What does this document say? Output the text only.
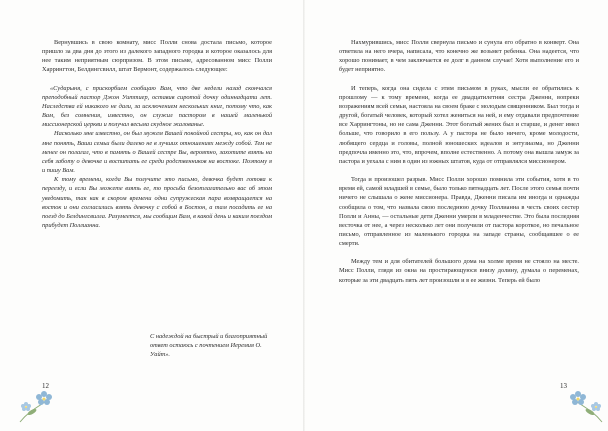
Вернувшись в свою комнату, мисс Полли снова достала письмо, которое пришло за два дня до этого из далекого западного городка и которое оказалось для нее таким неприятным сюрпризом. В этом письме, адресованном мисс Полли Харрингтон, Белдингсвилл, штат Вермонт, содержалось следующее:

«Сударыня, с прискорбием сообщаю Вам, что две недели назад скончался преподобный пастор Джон Уиттиер, оставив сиротой дочку одиннадцати лет. Наследства ей никакого не дали, за исключением нескольких книг, потому что, как Вам, без сомнения, известно, он служил пастором в нашей маленькой миссионерской церкви и получал весьма скудное жалованье.

Насколько мне известно, он был мужем Вашей покойной сестры, но, как он дал мне понять, Ваши семьи были далеко не в лучших отношениях между собой. Тем не менее он полагал, что в память о Вашей сестре Вы, вероятно, захотите взять на себя заботу о девочке и воспитать ее среди родственников на востоке. Поэтому я и пишу Вам.

К тому времени, когда Вы получите это письмо, девочка будет готова к переезду, и если Вы можете взять ее, то просьба безотлагательно вас об этом уведомить, так как в скором времени одни супружеская пара возвращается на восток и они согласились взять девочку с собой в Бостон, а там посадить ее на поезд до Белдингсвилла. Разумеется, мы сообщим Вам, в какой день и каким поездом прибудет Поллианна.

С надеждой на быстрый и благоприятный ответ остаюсь с почтением Иеремия О. Уайт».
12

Нахмурившись, мисс Полли свернула письмо и сунула его обратно в конверт. Она ответила на него вчера, написала, что конечно же возьмет ребенка. Она надеется, что хорошо понимает, в чем заключается ее долг в данном случае! Хотя выполнение его и будет неприятно.

И теперь, когда она сидела с этим письмом в руках, мысли ее обратились к прошлому — к тому времени, когда ее двадцатилетняя сестра Дженни, вопреки возражениям всей семьи, настояла на своем браке с молодым священником. Был тогда и другой, богатый человек, который хотел жениться на ней, и ему отдавали предпочтение все Харрингтоны, но не сама Дженни. Этот богатый жених был и старше, и денег имел больше, что говорило в его пользу. А у пастора не было ничего, кроме молодости, любящего сердца и головы, полной юношеских идеалов и энтузиазма, но Дженни предпочла именно это, что, впрочем, вполне естественно. А потому она вышла замуж за пастора и уехала с ним в один из южных штатов, куда от отправлялся миссионером.

Тогда и произошел разрыв. Мисс Полли хорошо помнила эти события, хотя в то время ей, самой младшей в семье, было только пятнадцать лет. После этого семья почти ничего не слышала о жене миссионера. Правда, Дженни писала им иногда и однажды сообщила о том, что назвала свою последнюю дочку Поллианна в честь своих сестер Полли и Анны, — остальные дети Дженни умерли в младенчестве. Это была последняя весточка от нее, а через несколько лет они получили от пастора короткое, но печальное письмо, отправленное из маленького городка на западе страны, сообщавшее о ее смерти.

Между тем и для обитателей большого дома на холме время не стояло на месте. Мисс Полли, глядя из окна на простирающуюся внизу долину, думала о переменах, которые за эти двадцать пять лет произошли и в ее жизни. Теперь ей было

13
